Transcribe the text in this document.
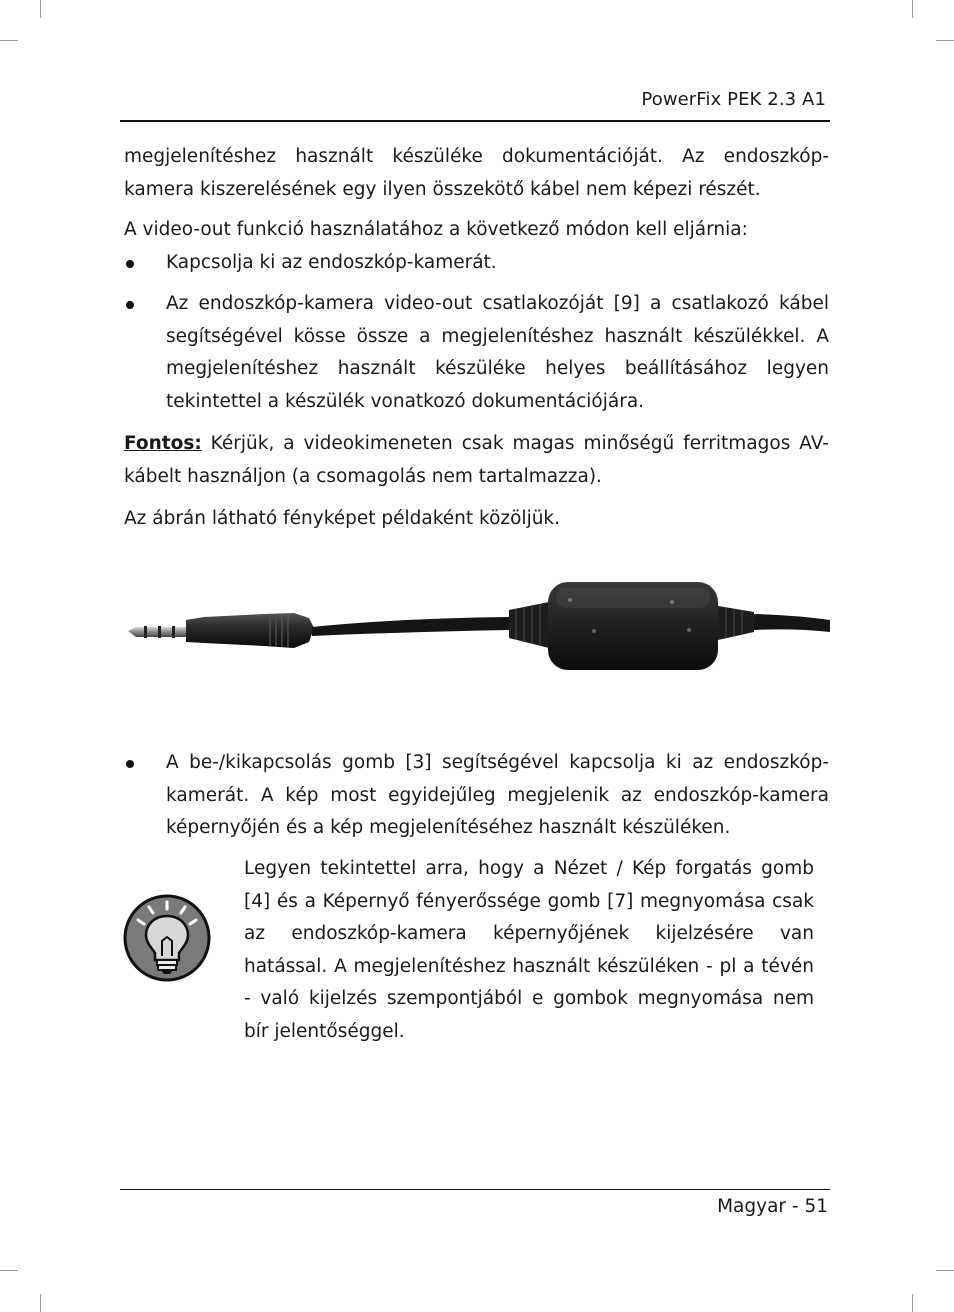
PowerFix PEK 2.3 A1

megjelenítéshez használt készüléke dokumentációját. Az endoszkóp-kamera kiszerelésének egy ilyen összekötő kábel nem képezi részét.

A video-out funkció használatához a következő módon kell eljárnia:

Kapcsolja ki az endoszkóp-kamerát.
Az endoszkóp-kamera video-out csatlakozóját [9] a csatlakozó kábel segítségével kösse össze a megjelenítéshez használt készülékkel. A megjelenítéshez használt készüléke helyes beállításához legyen tekintettel a készülék vonatkozó dokumentációjára.

Fontos: Kérjük, a videokimeneten csak magas minőségű ferritmagos AV-kábelt használjon (a csomagolás nem tartalmazza).

Az ábrán látható fényképet példaként közöljük.

A be-/kikapcsolás gomb [3] segítségével kapcsolja ki az endoszkóp-kamerát. A kép most egyidejűleg megjelenik az endoszkóp-kamera képernyőjén és a kép megjelenítéséhez használt készüléken.

Legyen tekintettel arra, hogy a Nézet / Kép forgatás gomb [4] és a Képernyő fényerőssége gomb [7] megnyomása csak az endoszkóp-kamera képernyőjének kijelzésére van hatással. A megjelenítéshez használt készüléken - pl a tévén - való kijelzés szempontjából e gombok megnyomása nem bír jelentőséggel.

Magyar - 51
